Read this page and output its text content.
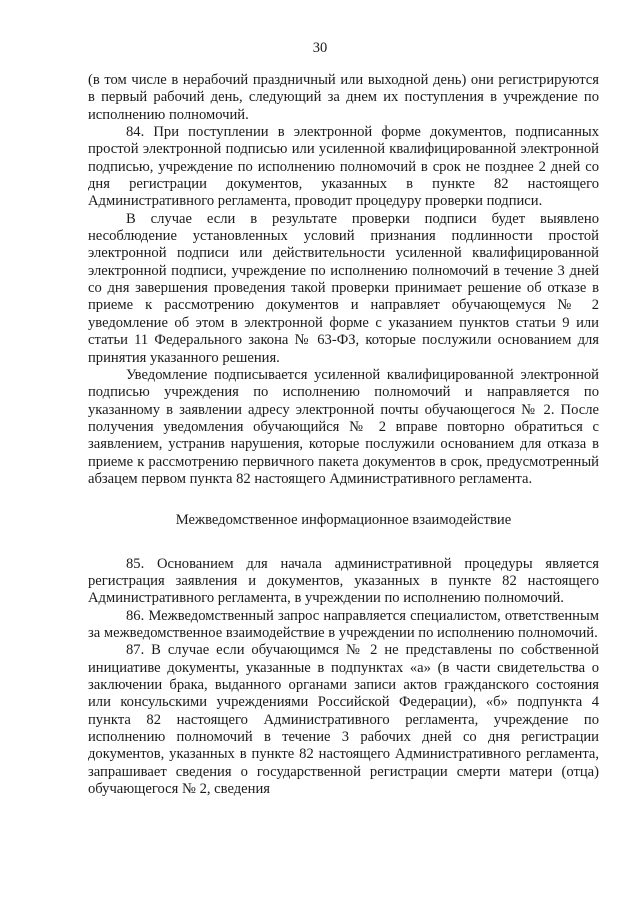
30

(в том числе в нерабочий праздничный или выходной день) они регистрируются в первый рабочий день, следующий за днем их поступления в учреждение по исполнению полномочий.

84. При поступлении в электронной форме документов, подписанных простой электронной подписью или усиленной квалифицированной электронной подписью, учреждение по исполнению полномочий в срок не позднее 2 дней со дня регистрации документов, указанных в пункте 82 настоящего Административного регламента, проводит процедуру проверки подписи.

В случае если в результате проверки подписи будет выявлено несоблюдение установленных условий признания подлинности простой электронной подписи или действительности усиленной квалифицированной электронной подписи, учреждение по исполнению полномочий в течение 3 дней со дня завершения проведения такой проверки принимает решение об отказе в приеме к рассмотрению документов и направляет обучающемуся № 2 уведомление об этом в электронной форме с указанием пунктов статьи 9 или статьи 11 Федерального закона № 63-ФЗ, которые послужили основанием для принятия указанного решения.

Уведомление подписывается усиленной квалифицированной электронной подписью учреждения по исполнению полномочий и направляется по указанному в заявлении адресу электронной почты обучающегося № 2. После получения уведомления обучающийся № 2 вправе повторно обратиться с заявлением, устранив нарушения, которые послужили основанием для отказа в приеме к рассмотрению первичного пакета документов в срок, предусмотренный абзацем первом пункта 82 настоящего Административного регламента.

Межведомственное информационное взаимодействие

85. Основанием для начала административной процедуры является регистрация заявления и документов, указанных в пункте 82 настоящего Административного регламента, в учреждении по исполнению полномочий.

86. Межведомственный запрос направляется специалистом, ответственным за межведомственное взаимодействие в учреждении по исполнению полномочий.

87. В случае если обучающимся № 2 не представлены по собственной инициативе документы, указанные в подпунктах «а» (в части свидетельства о заключении брака, выданного органами записи актов гражданского состояния или консульскими учреждениями Российской Федерации), «б» подпункта 4 пункта 82 настоящего Административного регламента, учреждение по исполнению полномочий в течение 3 рабочих дней со дня регистрации документов, указанных в пункте 82 настоящего Административного регламента, запрашивает сведения о государственной регистрации смерти матери (отца) обучающегося № 2, сведения
